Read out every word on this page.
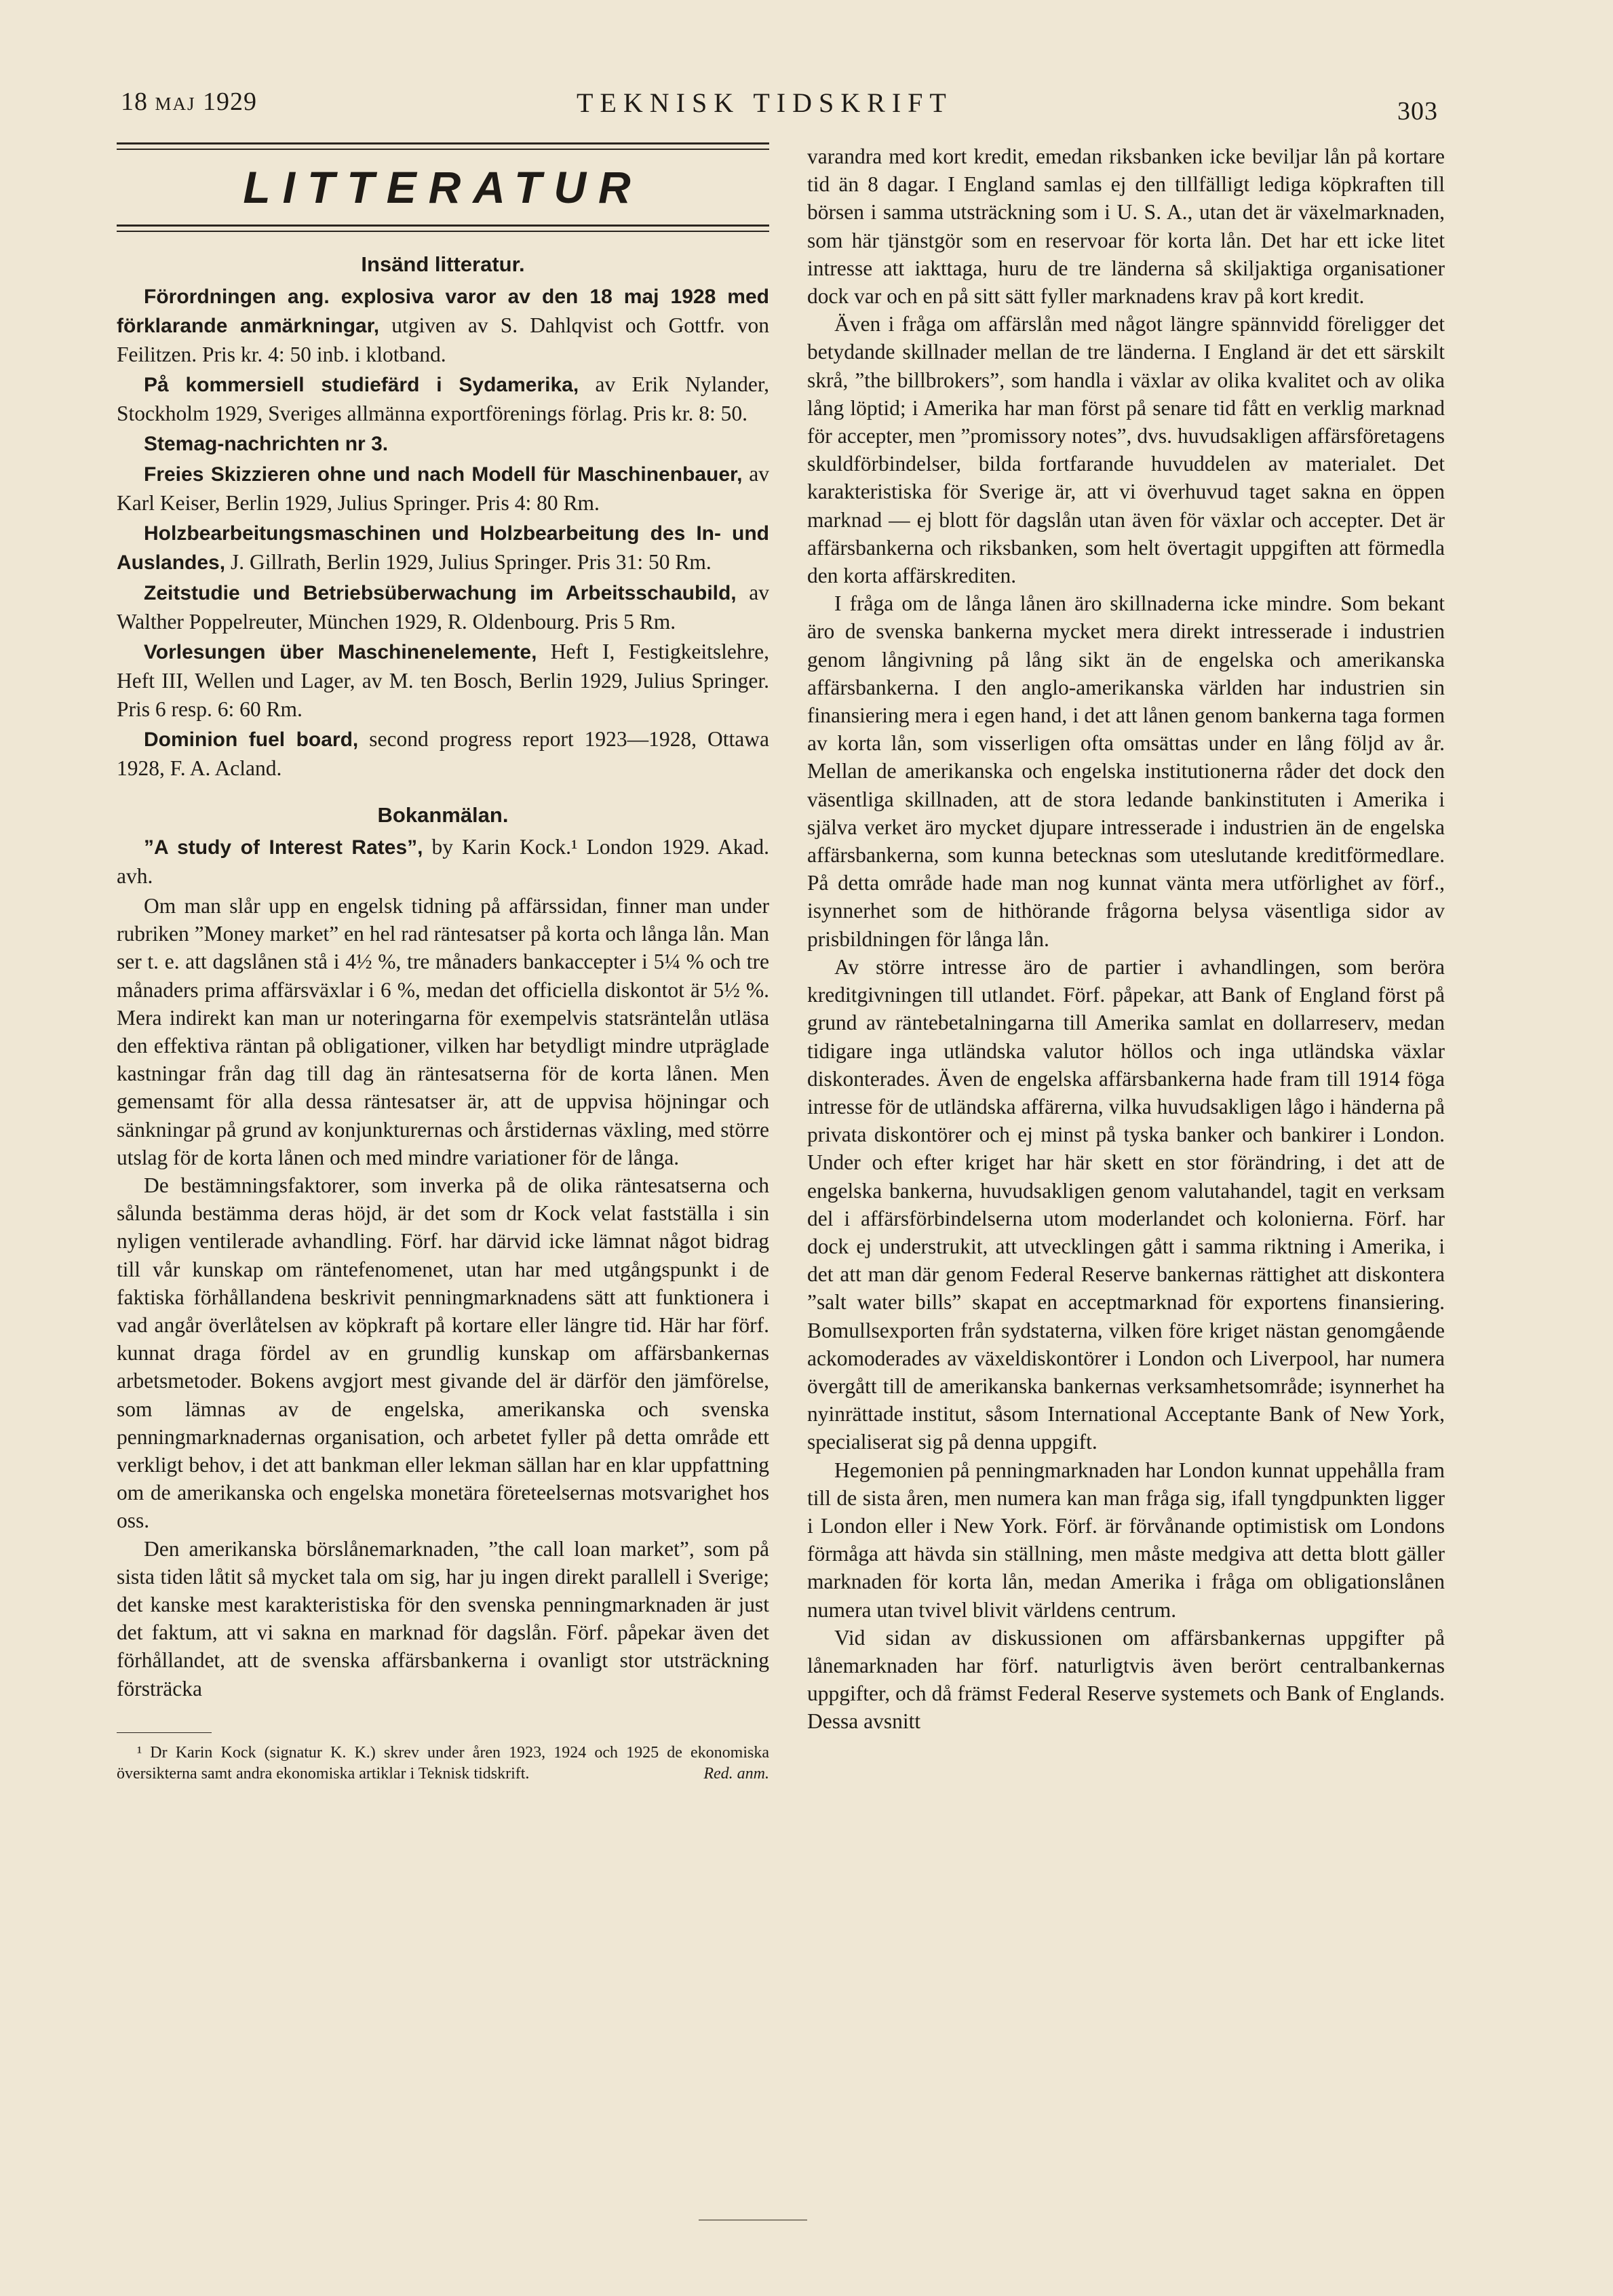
18 MAJ 1929	TEKNISK TIDSKRIFT	303
LITTERATUR
Insänd litteratur.

Förordningen ang. explosiva varor av den 18 maj 1928 med förklarande anmärkningar, utgiven av S. Dahlqvist och Gottfr. von Feilitzen. Pris kr. 4: 50 inb. i klotband.

På kommersiell studiefärd i Sydamerika, av Erik Nylander, Stockholm 1929, Sveriges allmänna exportförenings förlag. Pris kr. 8: 50.

Stemag-nachrichten nr 3.

Freies Skizzieren ohne und nach Modell für Maschinenbauer, av Karl Keiser, Berlin 1929, Julius Springer. Pris 4: 80 Rm.

Holzbearbeitungsmaschinen und Holzbearbeitung des In- und Auslandes, J. Gillrath, Berlin 1929, Julius Springer. Pris 31: 50 Rm.

Zeitstudie und Betriebsüberwachung im Arbeitsschaubild, av Walther Poppelreuter, München 1929, R. Oldenbourg. Pris 5 Rm.

Vorlesungen über Maschinenelemente, Heft I, Festigkeitslehre, Heft III, Wellen und Lager, av M. ten Bosch, Berlin 1929, Julius Springer. Pris 6 resp. 6: 60 Rm.

Dominion fuel board, second progress report 1923—1928, Ottawa 1928, F. A. Acland.

Bokanmälan.

”A study of Interest Rates”, by Karin Kock.¹ London 1929. Akad. avh.

Om man slår upp en engelsk tidning på affärssidan, finner man under rubriken ”Money market” en hel rad räntesatser på korta och långa lån. Man ser t. e. att dagslånen stå i 4½ %, tre månaders bankaccepter i 5¼ % och tre månaders prima affärsväxlar i 6 %, medan det officiella diskontot är 5½ %. Mera indirekt kan man ur noteringarna för exempelvis statsräntelån utläsa den effektiva räntan på obligationer, vilken har betydligt mindre utpräglade kastningar från dag till dag än räntesatserna för de korta lånen. Men gemensamt för alla dessa räntesatser är, att de uppvisa höjningar och sänkningar på grund av konjunkturernas och årstidernas växling, med större utslag för de korta lånen och med mindre variationer för de långa.

De bestämningsfaktorer, som inverka på de olika räntesatserna och sålunda bestämma deras höjd, är det som dr Kock velat fastställa i sin nyligen ventilerade avhandling. Förf. har därvid icke lämnat något bidrag till vår kunskap om räntefenomenet, utan har med utgångspunkt i de faktiska förhållandena beskrivit penningmarknadens sätt att funktionera i vad angår överlåtelsen av köpkraft på kortare eller längre tid. Här har förf. kunnat draga fördel av en grundlig kunskap om affärsbankernas arbetsmetoder. Bokens avgjort mest givande del är därför den jämförelse, som lämnas av de engelska, amerikanska och svenska penningmarknadernas organisation, och arbetet fyller på detta område ett verkligt behov, i det att bankman eller lekman sällan har en klar uppfattning om de amerikanska och engelska monetära företeelsernas motsvarighet hos oss.

Den amerikanska börslånemarknaden, ”the call loan market”, som på sista tiden låtit så mycket tala om sig, har ju ingen direkt parallell i Sverige; det kanske mest karakteristiska för den svenska penningmarknaden är just det faktum, att vi sakna en marknad för dagslån. Förf. påpekar även det förhållandet, att de svenska affärsbankerna i ovanligt stor utsträckning försträcka

¹ Dr Karin Kock (signatur K. K.) skrev under åren 1923, 1924 och 1925 de ekonomiska översikterna samt andra ekonomiska artiklar i Teknisk tidskrift.	Red. anm.

varandra med kort kredit, emedan riksbanken icke beviljar lån på kortare tid än 8 dagar. I England samlas ej den tillfälligt lediga köpkraften till börsen i samma utsträckning som i U. S. A., utan det är växelmarknaden, som här tjänstgör som en reservoar för korta lån. Det har ett icke litet intresse att iakttaga, huru de tre länderna så skiljaktiga organisationer dock var och en på sitt sätt fyller marknadens krav på kort kredit.

Även i fråga om affärslån med något längre spännvidd föreligger det betydande skillnader mellan de tre länderna. I England är det ett särskilt skrå, ”the billbrokers”, som handla i växlar av olika kvalitet och av olika lång löptid; i Amerika har man först på senare tid fått en verklig marknad för accepter, men ”promissory notes”, dvs. huvudsakligen affärsföretagens skuldförbindelser, bilda fortfarande huvuddelen av materialet. Det karakteristiska för Sverige är, att vi överhuvud taget sakna en öppen marknad — ej blott för dagslån utan även för växlar och accepter. Det är affärsbankerna och riksbanken, som helt övertagit uppgiften att förmedla den korta affärskrediten.

I fråga om de långa lånen äro skillnaderna icke mindre. Som bekant äro de svenska bankerna mycket mera direkt intresserade i industrien genom långivning på lång sikt än de engelska och amerikanska affärsbankerna. I den anglo-amerikanska världen har industrien sin finansiering mera i egen hand, i det att lånen genom bankerna taga formen av korta lån, som visserligen ofta omsättas under en lång följd av år. Mellan de amerikanska och engelska institutionerna råder det dock den väsentliga skillnaden, att de stora ledande bankinstituten i Amerika i själva verket äro mycket djupare intresserade i industrien än de engelska affärsbankerna, som kunna betecknas som uteslutande kreditförmedlare. På detta område hade man nog kunnat vänta mera utförlighet av förf., isynnerhet som de hithörande frågorna belysa väsentliga sidor av prisbildningen för långa lån.

Av större intresse äro de partier i avhandlingen, som beröra kreditgivningen till utlandet. Förf. påpekar, att Bank of England först på grund av räntebetalningarna till Amerika samlat en dollarreserv, medan tidigare inga utländska valutor höllos och inga utländska växlar diskonterades. Även de engelska affärsbankerna hade fram till 1914 föga intresse för de utländska affärerna, vilka huvudsakligen lågo i händerna på privata diskontörer och ej minst på tyska banker och bankirer i London. Under och efter kriget har här skett en stor förändring, i det att de engelska bankerna, huvudsakligen genom valutahandel, tagit en verksam del i affärsförbindelserna utom moderlandet och kolonierna. Förf. har dock ej understrukit, att utvecklingen gått i samma riktning i Amerika, i det att man där genom Federal Reserve bankernas rättighet att diskontera ”salt water bills” skapat en acceptmarknad för exportens finansiering. Bomullsexporten från sydstaterna, vilken före kriget nästan genomgående ackomoderades av växeldiskontörer i London och Liverpool, har numera övergått till de amerikanska bankernas verksamhetsområde; isynnerhet ha nyinrättade institut, såsom International Acceptante Bank of New York, specialiserat sig på denna uppgift.

Hegemonien på penningmarknaden har London kunnat uppehålla fram till de sista åren, men numera kan man fråga sig, ifall tyngdpunkten ligger i London eller i New York. Förf. är förvånande optimistisk om Londons förmåga att hävda sin ställning, men måste medgiva att detta blott gäller marknaden för korta lån, medan Amerika i fråga om obligationslånen numera utan tvivel blivit världens centrum.

Vid sidan av diskussionen om affärsbankernas uppgifter på lånemarknaden har förf. naturligtvis även berört centralbankernas uppgifter, och då främst Federal Reserve systemets och Bank of Englands. Dessa avsnitt
